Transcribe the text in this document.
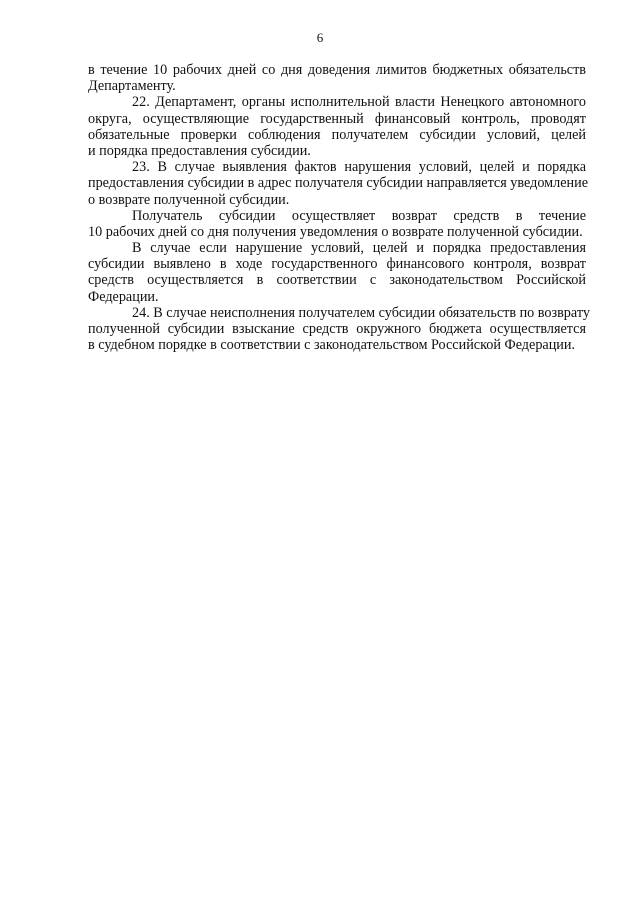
6
в течение 10 рабочих дней со дня доведения лимитов бюджетных обязательств
Департаменту.
22. Департамент, органы исполнительной власти Ненецкого автономного
округа, осуществляющие государственный финансовый контроль, проводят
обязательные проверки соблюдения получателем субсидии условий, целей
и порядка предоставления субсидии.
23. В случае выявления фактов нарушения условий, целей и порядка
предоставления субсидии в адрес получателя субсидии направляется уведомление
о возврате полученной субсидии.
Получатель субсидии осуществляет возврат средств в течение
10 рабочих дней со дня получения уведомления о возврате полученной субсидии.
В случае если нарушение условий, целей и порядка предоставления
субсидии выявлено в ходе государственного финансового контроля, возврат
средств осуществляется в соответствии с законодательством Российской
Федерации.
24. В случае неисполнения получателем субсидии обязательств по возврату
полученной субсидии взыскание средств окружного бюджета осуществляется
в судебном порядке в соответствии с законодательством Российской Федерации.
